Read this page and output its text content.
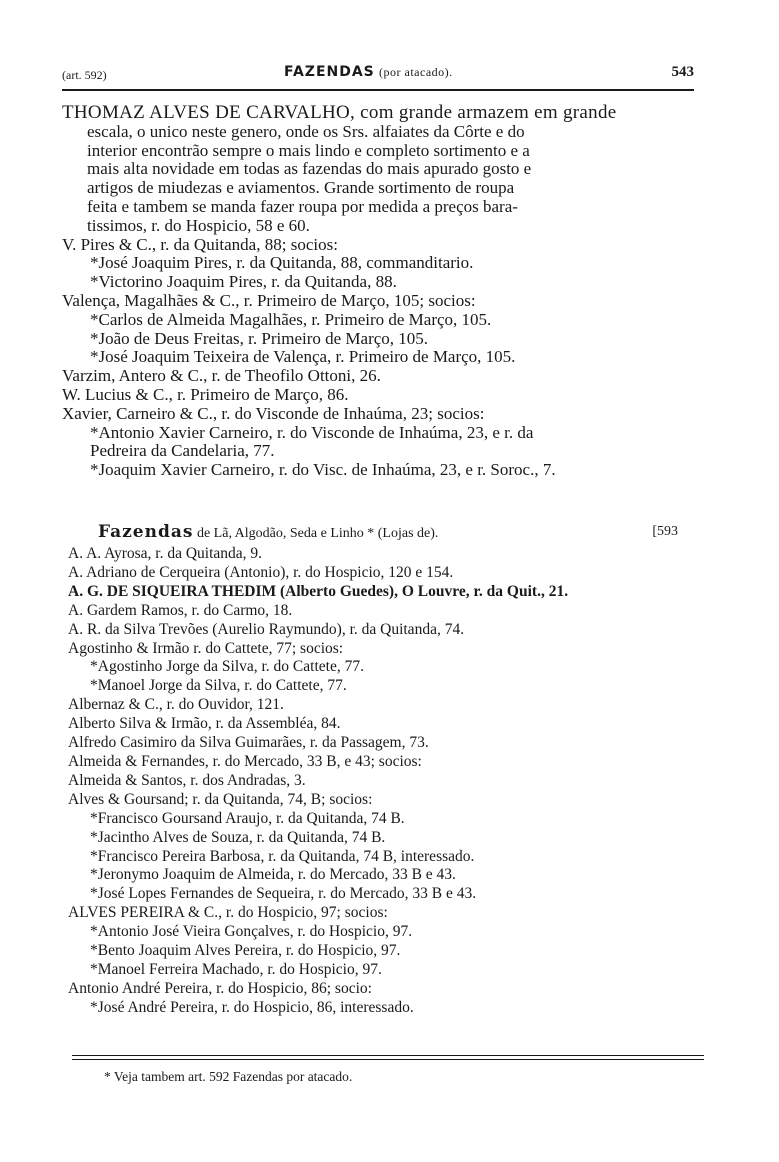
(art. 592)	FAZENDAS (por atacado).	543
THOMAZ ALVES DE CARVALHO, com grande armazem em grande
escala, o unico neste genero, onde os Srs. alfaiates da Côrte e do
interior encontrão sempre o mais lindo e completo sortimento e a
mais alta novidade em todas as fazendas do mais apurado gosto e
artigos de miudezas e aviamentos. Grande sortimento de roupa
feita e tambem se manda fazer roupa por medida a preços bara-
tissimos, r. do Hospicio, 58 e 60.
V. Pires & C., r. da Quitanda, 88; socios:
*José Joaquim Pires, r. da Quitanda, 88, commanditario.
*Victorino Joaquim Pires, r. da Quitanda, 88.
Valença, Magalhães & C., r. Primeiro de Março, 105; socios:
*Carlos de Almeida Magalhães, r. Primeiro de Março, 105.
*João de Deus Freitas, r. Primeiro de Março, 105.
*José Joaquim Teixeira de Valença, r. Primeiro de Março, 105.
Varzim, Antero & C., r. de Theofilo Ottoni, 26.
W. Lucius & C., r. Primeiro de Março, 86.
Xavier, Carneiro & C., r. do Visconde de Inhaúma, 23; socios:
*Antonio Xavier Carneiro, r. do Visconde de Inhaúma, 23, e r. da
Pedreira da Candelaria, 77.
*Joaquim Xavier Carneiro, r. do Visc. de Inhaúma, 23, e r. Soroc., 7.
Fazendas de Lã, Algodão, Seda e Linho * (Lojas de).	[593
A. A. Ayrosa, r. da Quitanda, 9.
A. Adriano de Cerqueira (Antonio), r. do Hospicio, 120 e 154.
A. G. DE SIQUEIRA THEDIM (Alberto Guedes), O Louvre, r. da Quit., 21.
A. Gardem Ramos, r. do Carmo, 18.
A. R. da Silva Trevões (Aurelio Raymundo), r. da Quitanda, 74.
Agostinho & Irmão r. do Cattete, 77; socios:
*Agostinho Jorge da Silva, r. do Cattete, 77.
*Manoel Jorge da Silva, r. do Cattete, 77.
Albernaz & C., r. do Ouvidor, 121.
Alberto Silva & Irmão, r. da Assembléa, 84.
Alfredo Casimiro da Silva Guimarães, r. da Passagem, 73.
Almeida & Fernandes, r. do Mercado, 33 B, e 43; socios:
Almeida & Santos, r. dos Andradas, 3.
Alves & Goursand; r. da Quitanda, 74, B; socios:
*Francisco Goursand Araujo, r. da Quitanda, 74 B.
*Jacintho Alves de Souza, r. da Quitanda, 74 B.
*Francisco Pereira Barbosa, r. da Quitanda, 74 B, interessado.
*Jeronymo Joaquim de Almeida, r. do Mercado, 33 B e 43.
*José Lopes Fernandes de Sequeira, r. do Mercado, 33 B e 43.
ALVES PEREIRA & C., r. do Hospicio, 97; socios:
*Antonio José Vieira Gonçalves, r. do Hospicio, 97.
*Bento Joaquim Alves Pereira, r. do Hospicio, 97.
*Manoel Ferreira Machado, r. do Hospicio, 97.
Antonio André Pereira, r. do Hospicio, 86; socio:
*José André Pereira, r. do Hospicio, 86, interessado.
* Veja tambem art. 592 Fazendas por atacado.
